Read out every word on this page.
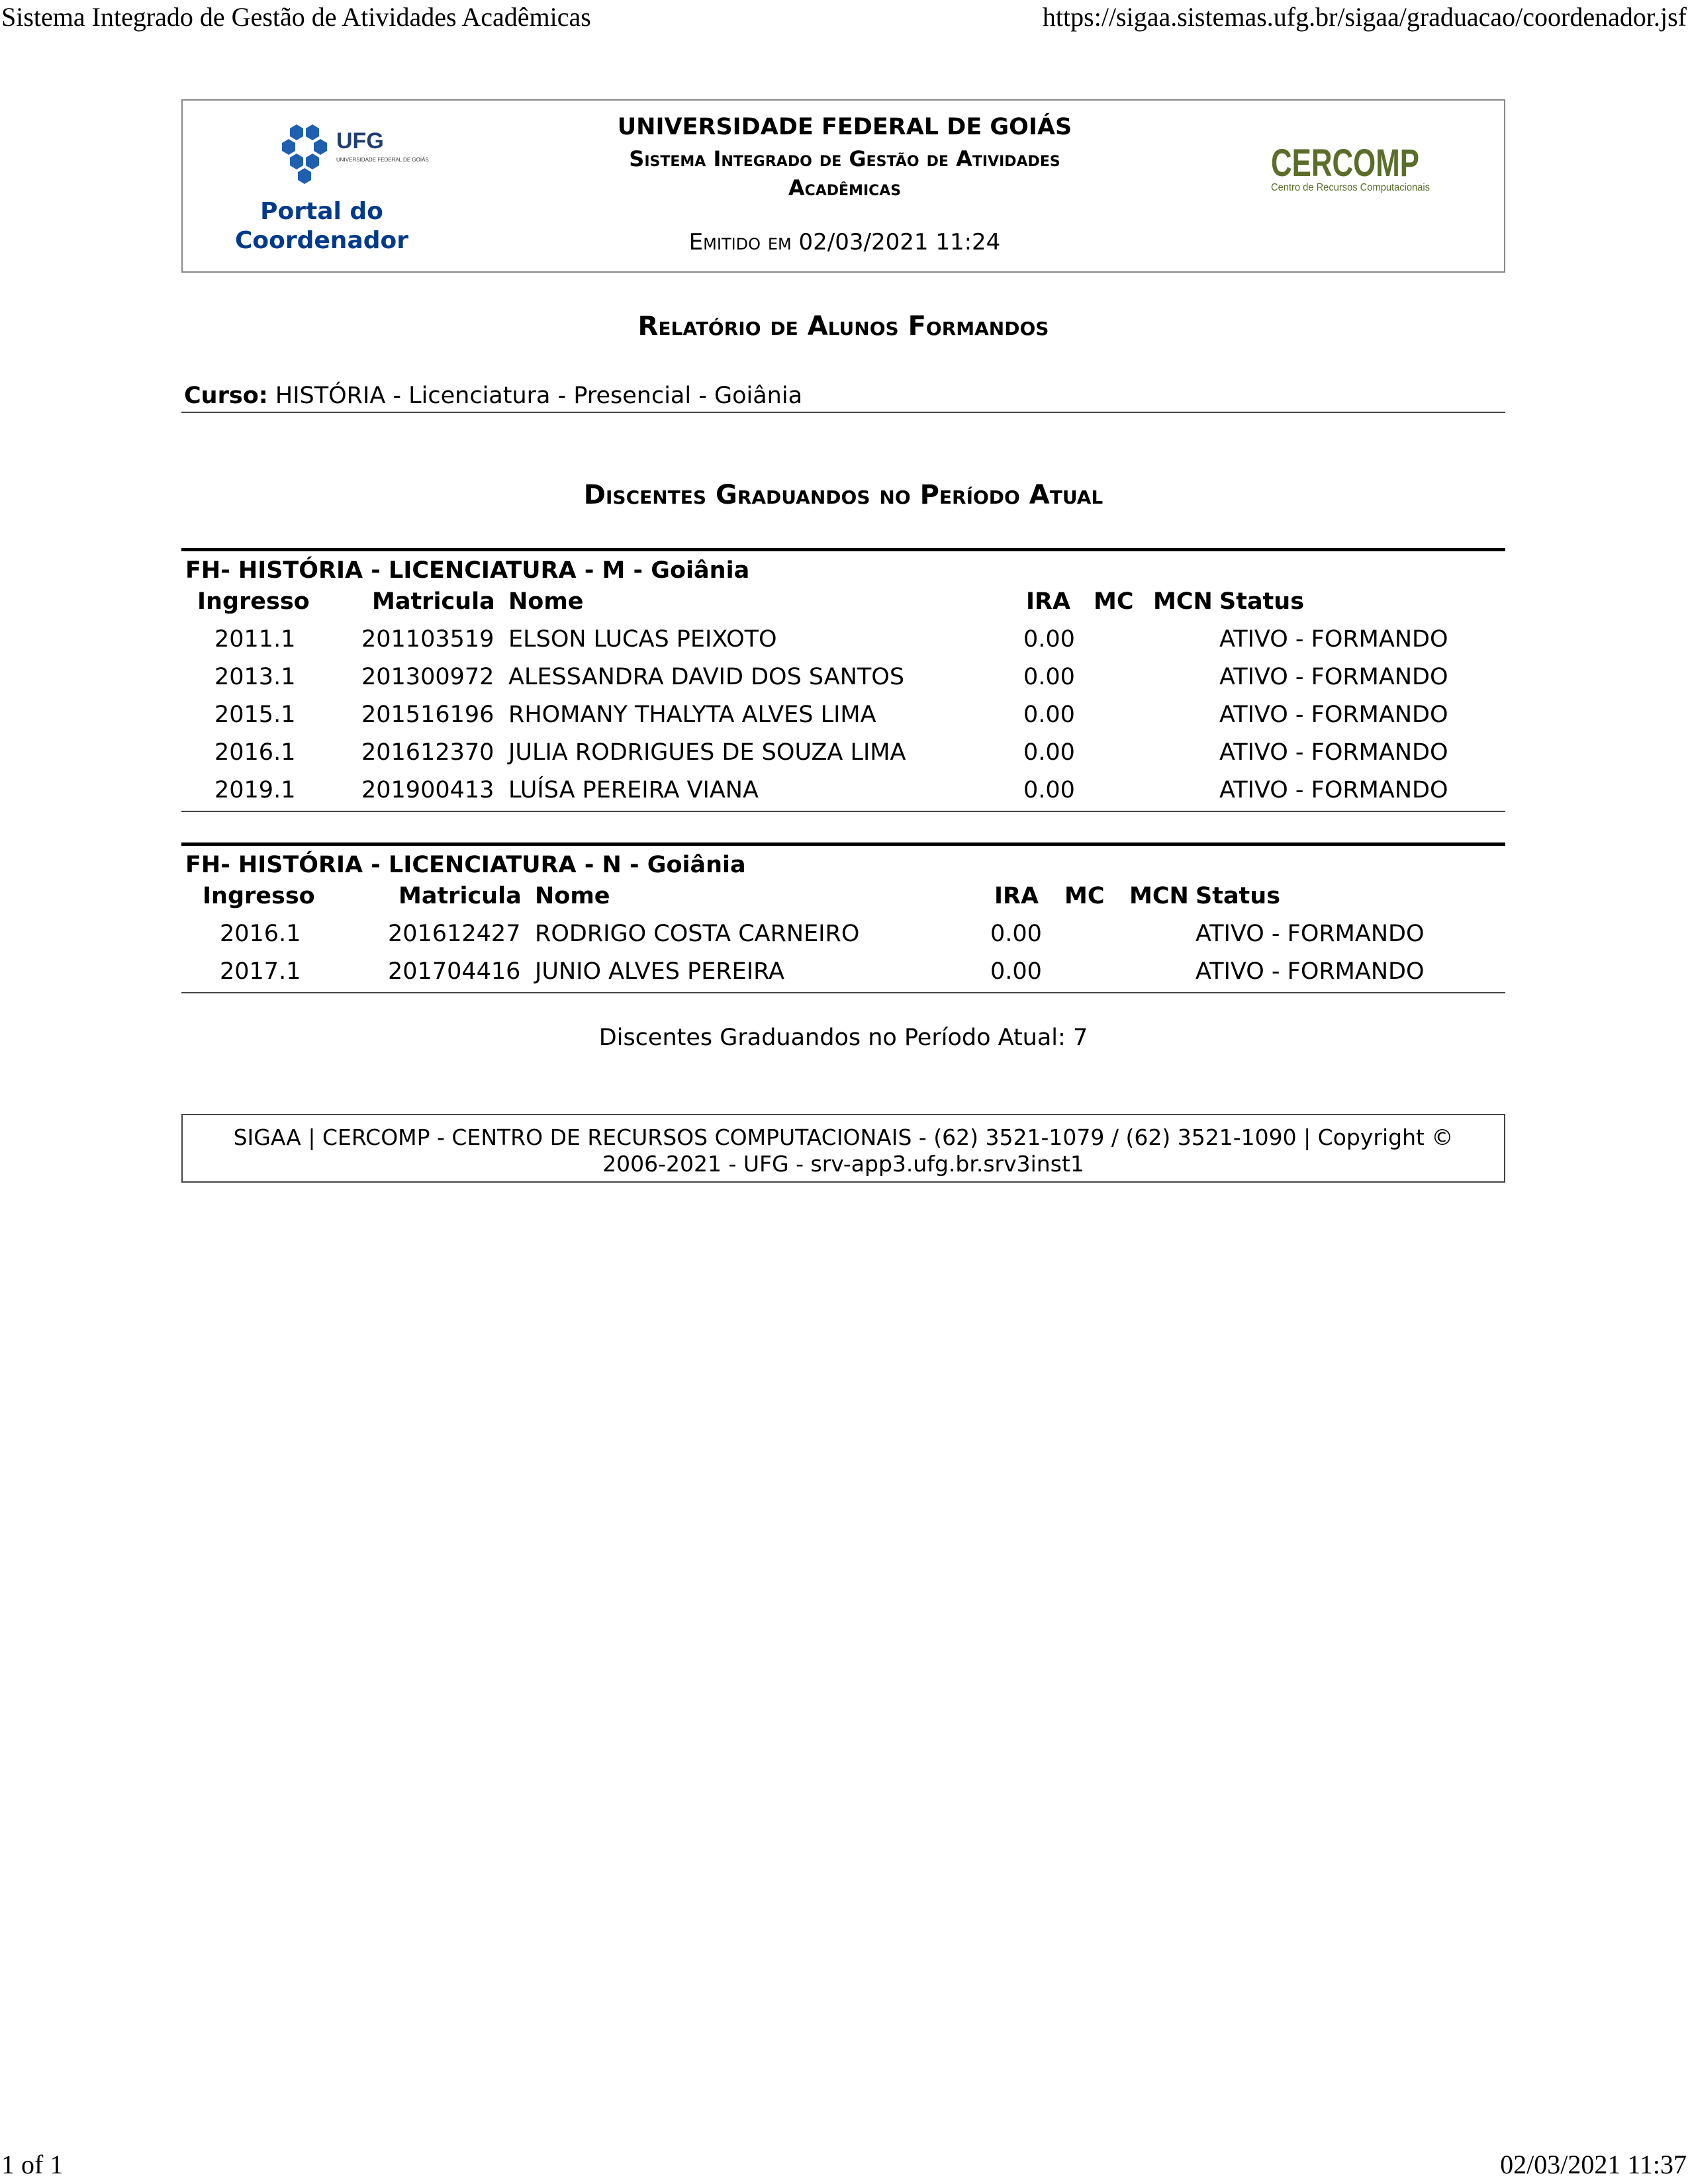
Sistema Integrado de Gestão de Atividades Acadêmicas	https://sigaa.sistemas.ufg.br/sigaa/graduacao/coordenador.jsf
UFG
UNIVERSIDADE FEDERAL DE GOIÁS
Portal do
Coordenador
UNIVERSIDADE FEDERAL DE GOIÁS
Sistema Integrado de Gestão de Atividades
Acadêmicas
Emitido em 02/03/2021 11:24
CERCOMP
Centro de Recursos Computacionais
Relatório de Alunos Formandos
Curso: HISTÓRIA - Licenciatura - Presencial - Goiânia
Discentes Graduandos no Período Atual
FH- HISTÓRIA - LICENCIATURA - M - Goiânia
Ingresso	Matricula Nome	IRA MC MCN Status
2011.1	201103519 ELSON LUCAS PEIXOTO	0.00	ATIVO - FORMANDO
2013.1	201300972 ALESSANDRA DAVID DOS SANTOS	0.00	ATIVO - FORMANDO
2015.1	201516196 RHOMANY THALYTA ALVES LIMA	0.00	ATIVO - FORMANDO
2016.1	201612370 JULIA RODRIGUES DE SOUZA LIMA	0.00	ATIVO - FORMANDO
2019.1	201900413 LUÍSA PEREIRA VIANA	0.00	ATIVO - FORMANDO
FH- HISTÓRIA - LICENCIATURA - N - Goiânia
Ingresso	Matricula Nome	IRA MC MCN Status
2016.1	201612427 RODRIGO COSTA CARNEIRO	0.00	ATIVO - FORMANDO
2017.1	201704416 JUNIO ALVES PEREIRA	0.00	ATIVO - FORMANDO
Discentes Graduandos no Período Atual: 7
SIGAA | CERCOMP - CENTRO DE RECURSOS COMPUTACIONAIS - (62) 3521-1079 / (62) 3521-1090 | Copyright ©
2006-2021 - UFG - srv-app3.ufg.br.srv3inst1
1 of 1	02/03/2021 11:37
